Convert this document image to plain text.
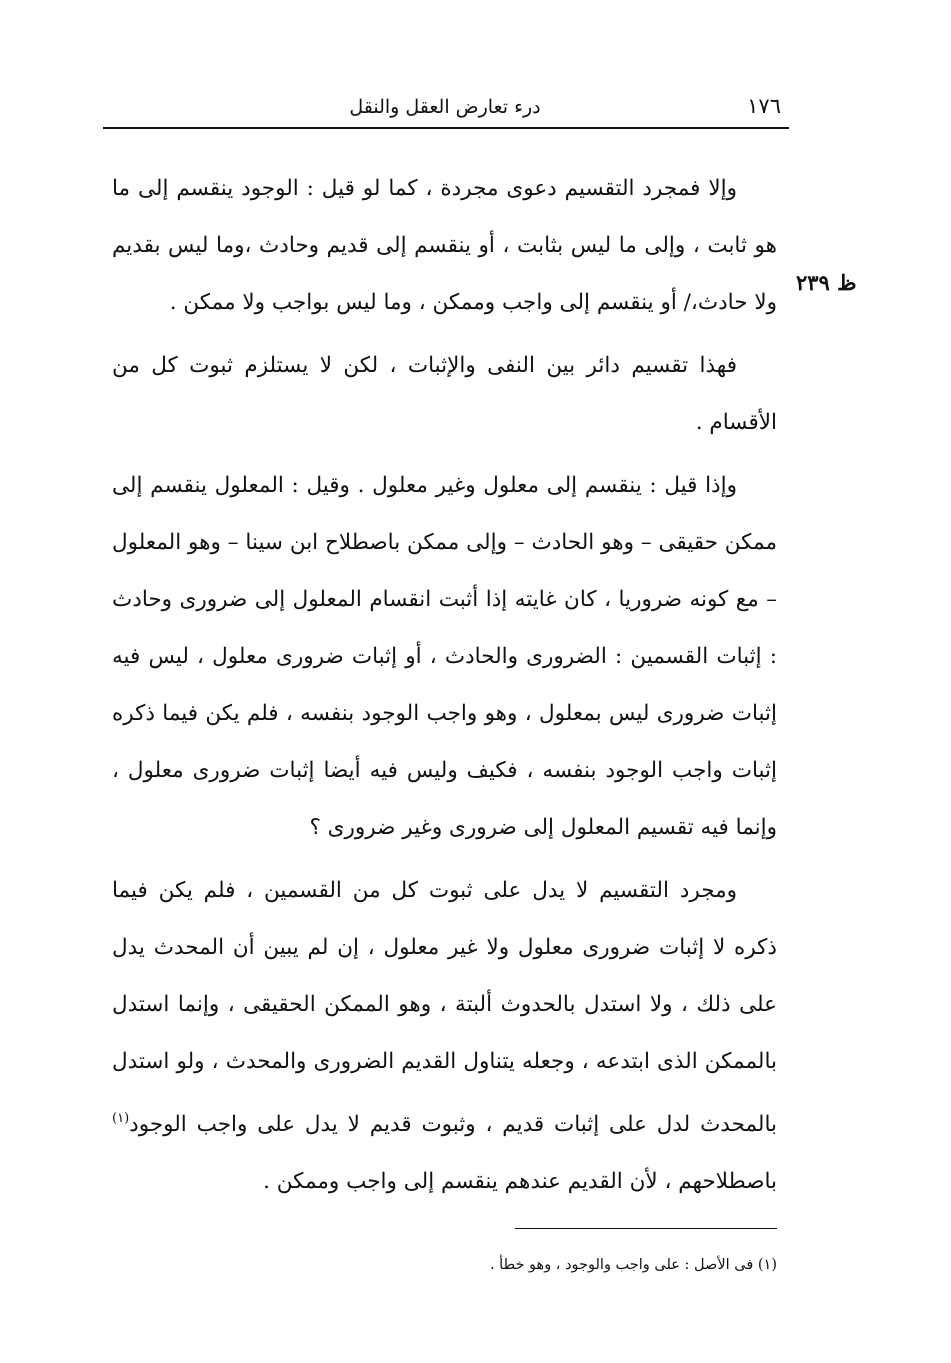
١٧٦
درء تعارض العقل والنقل
ظ ٢٣٩

وإلا فمجرد التقسيم دعوى مجردة ، كما لو قيل : الوجود ينقسم إلى ما هو ثابت ، وإلى ما ليس بثابت ، أو ينقسم إلى قديم وحادث ،وما ليس بقديم ولا حادث،/ أو ينقسم إلى واجب وممكن ، وما ليس بواجب ولا ممكن .

فهذا تقسيم دائر بين النفى والإثبات ، لكن لا يستلزم ثبوت كل من الأقسام .

وإذا قيل : ينقسم إلى معلول وغير معلول . وقيل : المعلول ينقسم إلى ممكن حقيقى – وهو الحادث – وإلى ممكن باصطلاح ابن سينا – وهو المعلول – مع كونه ضروريا ، كان غايته إذا أثبت انقسام المعلول إلى ضرورى وحادث : إثبات القسمين : الضرورى والحادث ، أو إثبات ضرورى معلول ، ليس فيه إثبات ضرورى ليس بمعلول ، وهو واجب الوجود بنفسه ، فلم يكن فيما ذكره إثبات واجب الوجود بنفسه ، فكيف وليس فيه أيضا إثبات ضرورى معلول ، وإنما فيه تقسيم المعلول إلى ضرورى وغير ضرورى ؟

ومجرد التقسيم لا يدل على ثبوت كل من القسمين ، فلم يكن فيما ذكره لا إثبات ضرورى معلول ولا غير معلول ، إن لم يبين أن المحدث يدل على ذلك ، ولا استدل بالحدوث ألبتة ، وهو الممكن الحقيقى ، وإنما استدل بالممكن الذى ابتدعه ، وجعله يتناول القديم الضرورى والمحدث ، ولو استدل بالمحدث لدل على إثبات قديم ، وثبوت قديم لا يدل على واجب الوجود$^{(١)}$ باصطلاحهم ، لأن القديم عندهم ينقسم إلى واجب وممكن .

(١) فى الأصل : على واجب والوجود ، وهو خطأ .
